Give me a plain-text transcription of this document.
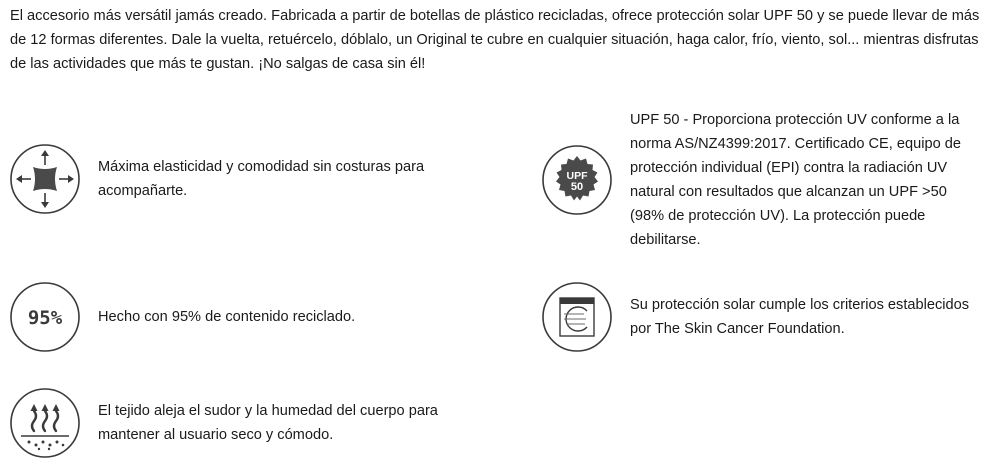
El accesorio más versátil jamás creado. Fabricada a partir de botellas de plástico recicladas, ofrece protección solar UPF 50 y se puede llevar de más de 12 formas diferentes. Dale la vuelta, retuércelo, dóblalo, un Original te cubre en cualquier situación, haga calor, frío, viento, sol... mientras disfrutas de las actividades que más te gustan. ¡No salgas de casa sin él!

Máxima elasticidad y comodidad sin costuras para acompañarte.
UPF
50
UPF 50 - Proporciona protección UV conforme a la norma AS/NZ4399:2017. Certificado CE, equipo de protección individual (EPI) contra la radiación UV natural con resultados que alcanzan un UPF >50 (98% de protección UV). La protección puede debilitarse.
95% Hecho con 95% de contenido reciclado.
Su protección solar cumple los criterios establecidos por The Skin Cancer Foundation.
El tejido aleja el sudor y la humedad del cuerpo para mantener al usuario seco y cómodo.
